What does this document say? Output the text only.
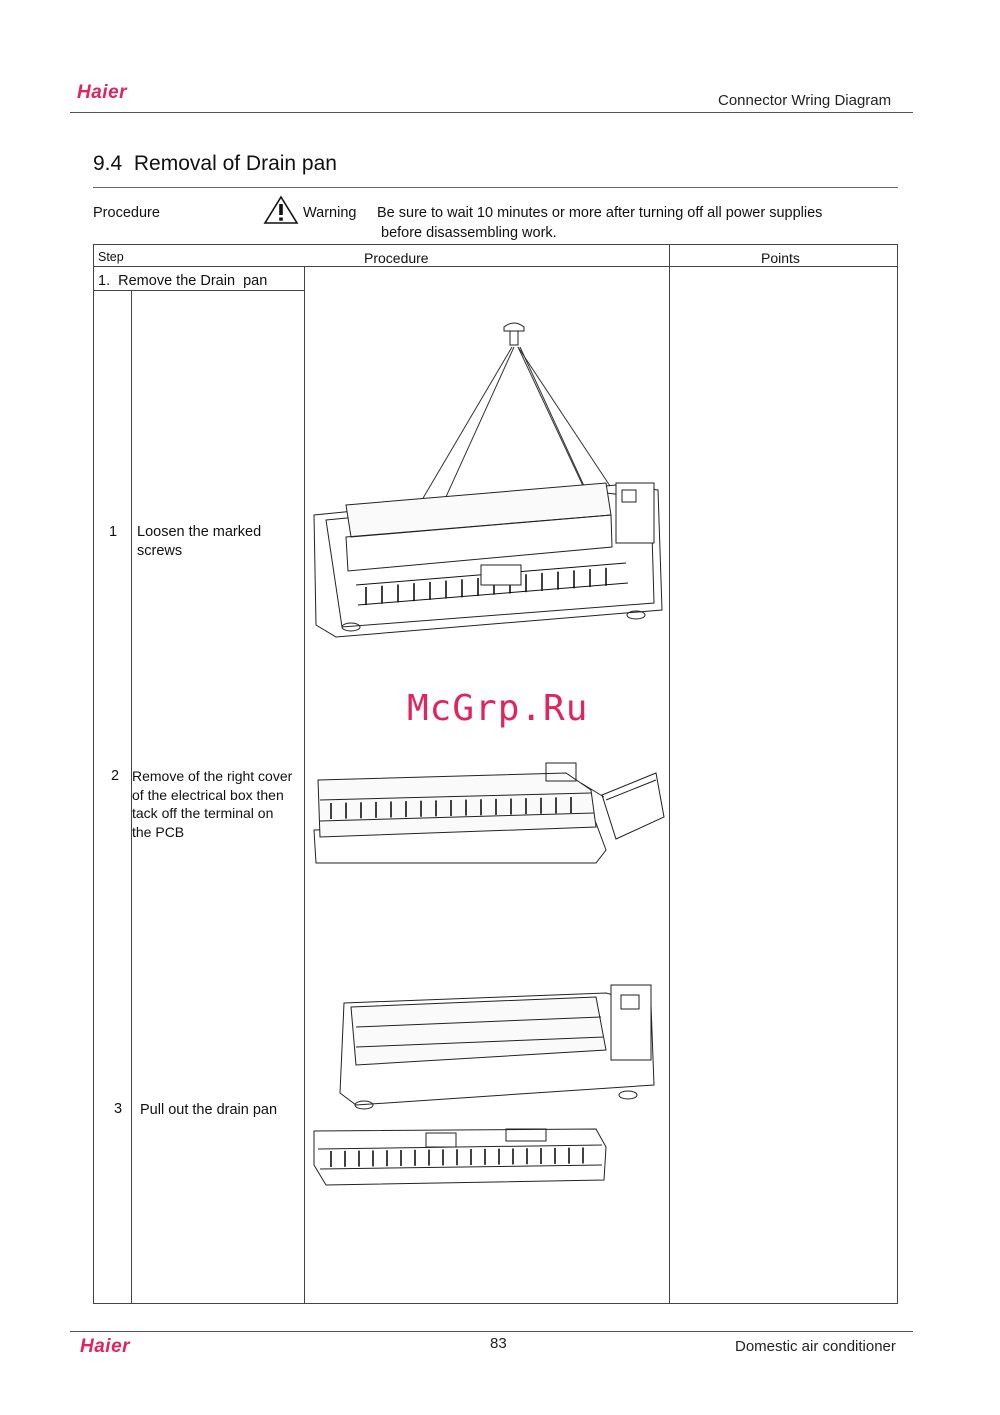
Haier	Connector Wring Diagram
9.4 Removal of Drain pan
Procedure	Warning Be sure to wait 10 minutes or more after turning off all power supplies
before disassembling work.
Step	Procedure	Points
1.  Remove the Drain  pan
1 Loosen the marked
screws
2 Remove of the right cover
of the electrical box then
tack off the terminal on
the PCB
3 Pull out the drain pan
McGrp.Ru
Haier	83	Domestic air conditioner
